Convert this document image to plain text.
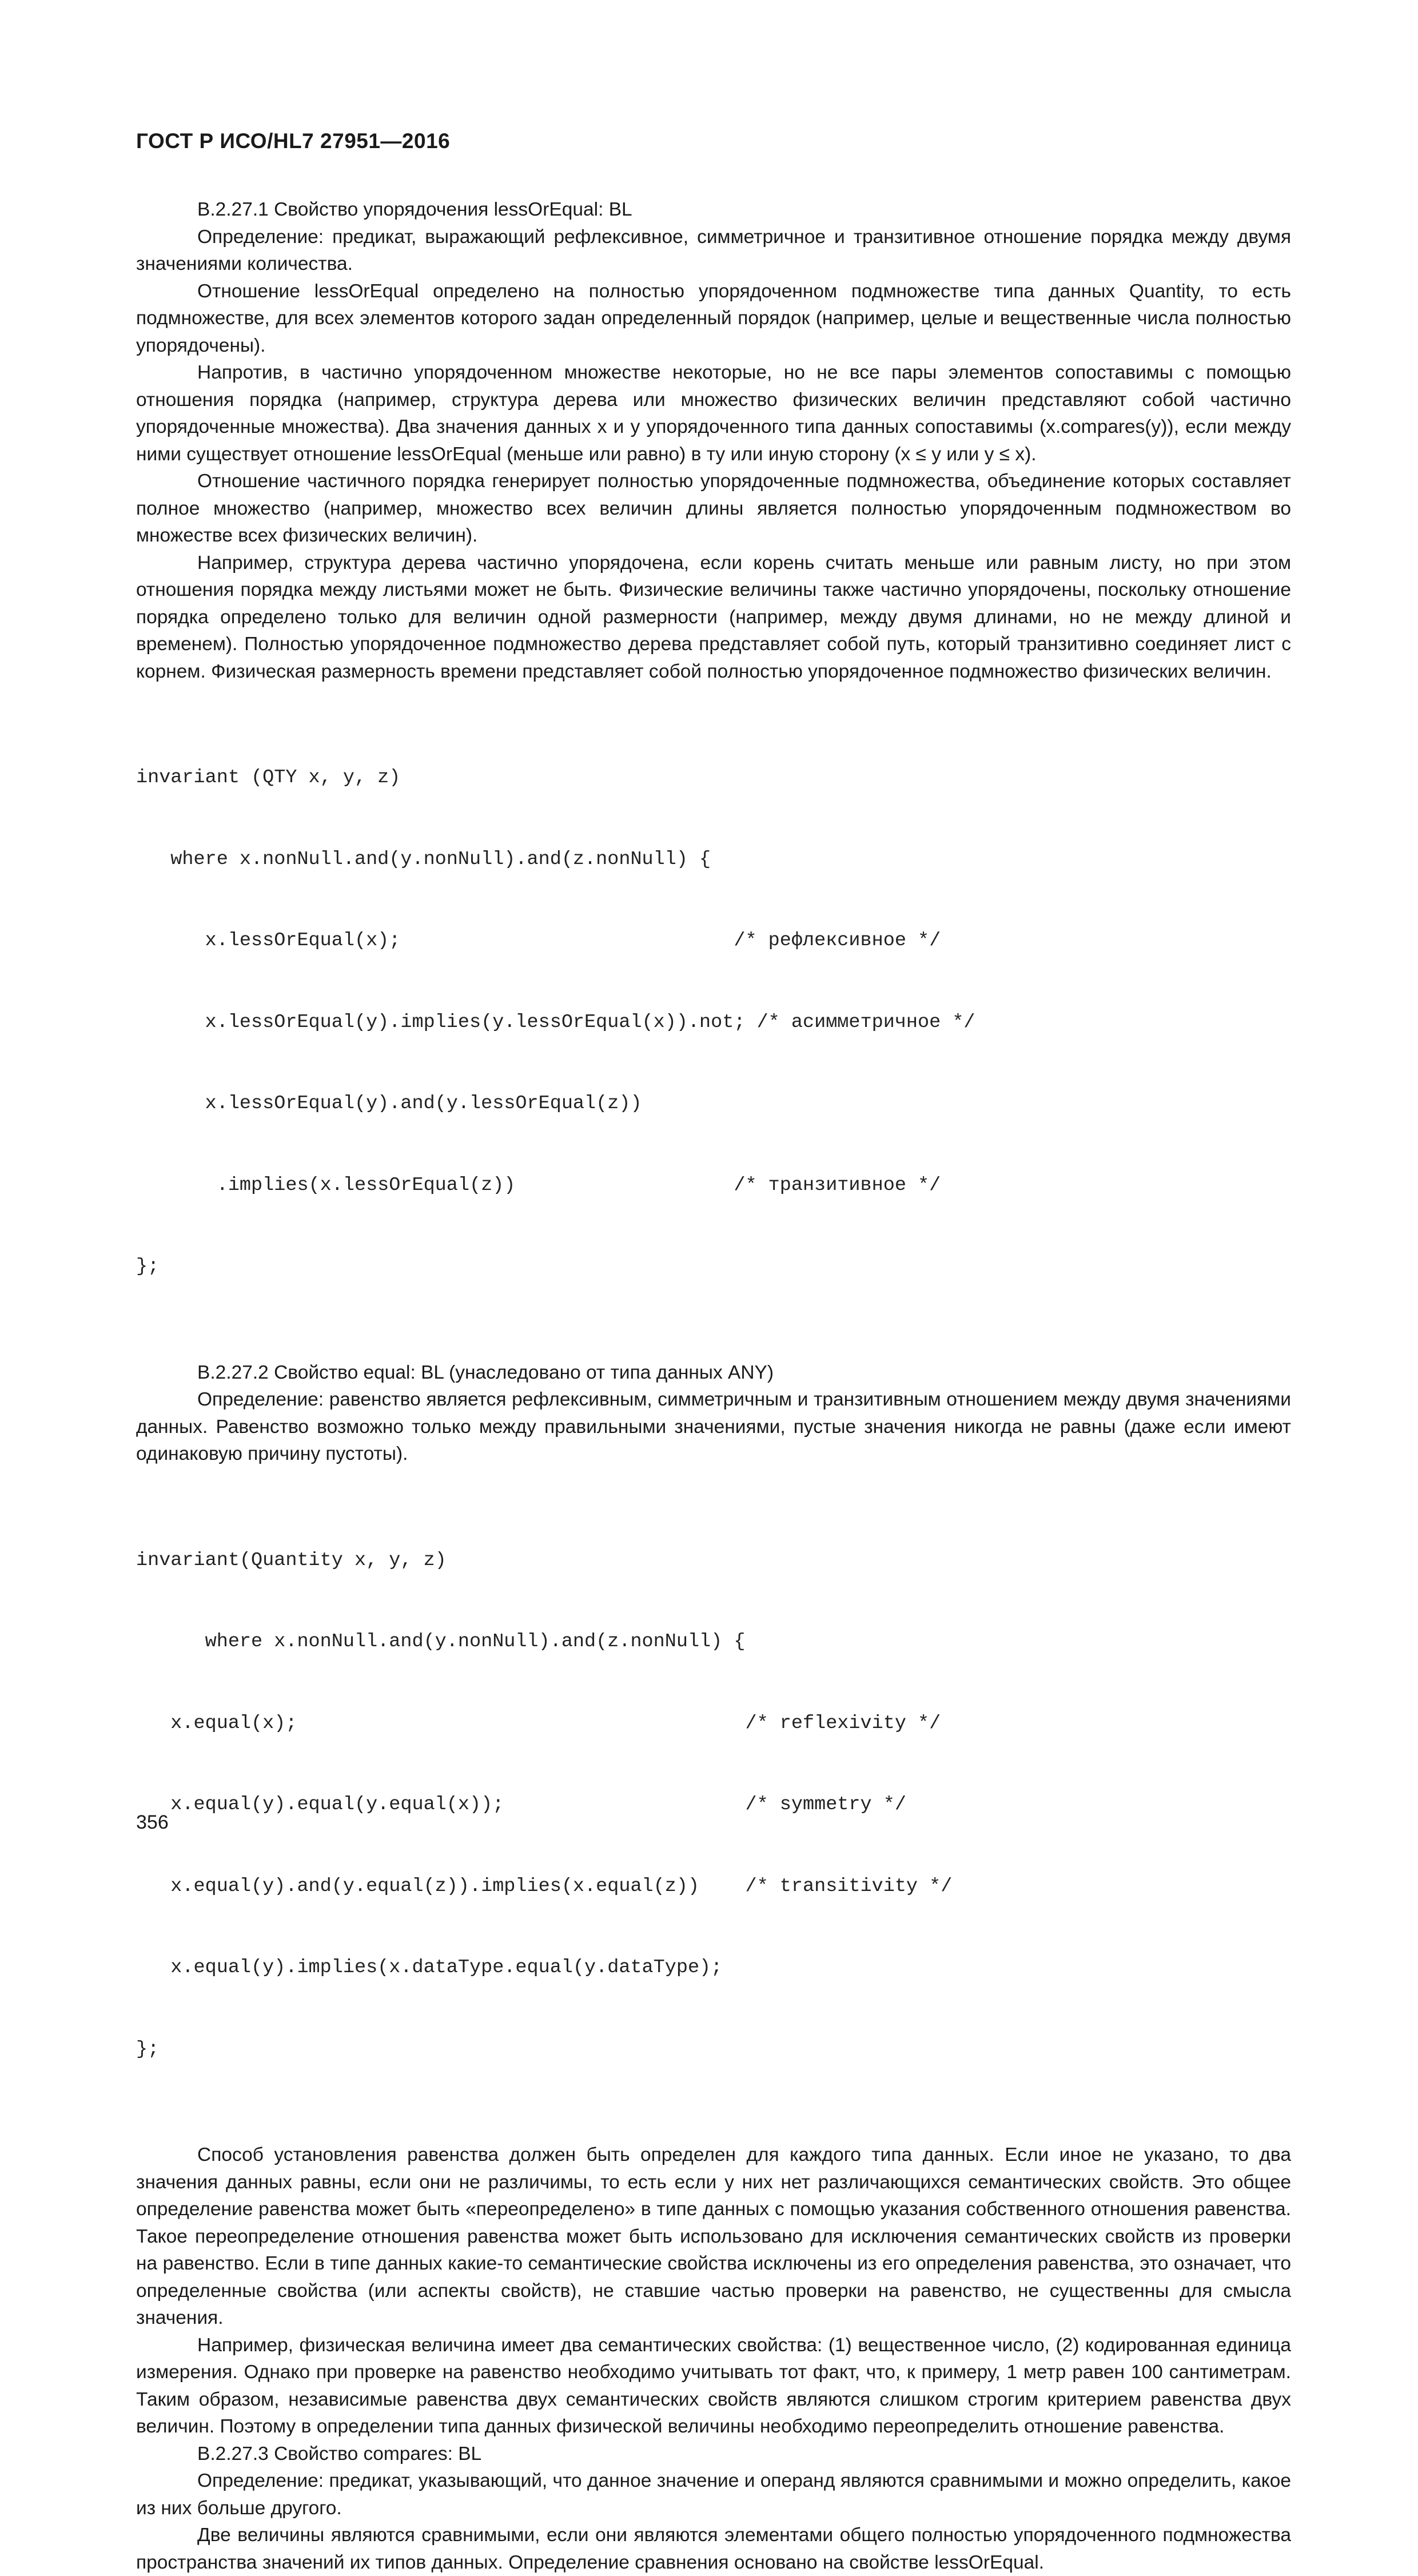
ГОСТ Р ИСО/HL7 27951—2016

B.2.27.1 Свойство упорядочения lessOrEqual: BL

Определение: предикат, выражающий рефлексивное, симметричное и транзитивное отношение порядка между двумя значениями количества.

Отношение lessOrEqual определено на полностью упорядоченном подмножестве типа данных Quantity, то есть подмножестве, для всех элементов которого задан определенный порядок (например, целые и вещественные числа полностью упорядочены).

Напротив, в частично упорядоченном множестве некоторые, но не все пары элементов сопоставимы с помощью отношения порядка (например, структура дерева или множество физических величин представляют собой частично упорядоченные множества). Два значения данных x и y упорядоченного типа данных сопоставимы (x.compares(y)), если между ними существует отношение lessOrEqual (меньше или равно) в ту или иную сторону (x ≤ y или y ≤ x).

Отношение частичного порядка генерирует полностью упорядоченные подмножества, объединение которых составляет полное множество (например, множество всех величин длины является полностью упорядоченным подмножеством во множестве всех физических величин).

Например, структура дерева частично упорядочена, если корень считать меньше или равным листу, но при этом отношения порядка между листьями может не быть. Физические величины также частично упорядочены, поскольку отношение порядка определено только для величин одной размерности (например, между двумя длинами, но не между длиной и временем). Полностью упорядоченное подмножество дерева представляет собой путь, который транзитивно соединяет лист с корнем. Физическая размерность времени представляет собой полностью упорядоченное подмножество физических величин.

invariant (QTY x, y, z)

where x.nonNull.and(y.nonNull).and(z.nonNull) {

x.lessOrEqual(x);                             /* рефлексивное */

x.lessOrEqual(y).implies(y.lessOrEqual(x)).not; /* асимметричное */

x.lessOrEqual(y).and(y.lessOrEqual(z))

.implies(x.lessOrEqual(z))                   /* транзитивное */

};

B.2.27.2 Свойство equal: BL (унаследовано от типа данных ANY)

Определение: равенство является рефлексивным, симметричным и транзитивным отношением между двумя значениями данных. Равенство возможно только между правильными значениями, пустые значения никогда не равны (даже если имеют одинаковую причину пустоты).

invariant(Quantity x, y, z)

where x.nonNull.and(y.nonNull).and(z.nonNull) {

x.equal(x);                                       /* reflexivity */

x.equal(y).equal(y.equal(x));                     /* symmetry */

x.equal(y).and(y.equal(z)).implies(x.equal(z))    /* transitivity */

x.equal(y).implies(x.dataType.equal(y.dataType);

};

Способ установления равенства должен быть определен для каждого типа данных. Если иное не указано, то два значения данных равны, если они не различимы, то есть если у них нет различающихся семантических свойств. Это общее определение равенства может быть «переопределено» в типе данных с помощью указания собственного отношения равенства. Такое переопределение отношения равенства может быть использовано для исключения семантических свойств из проверки на равенство. Если в типе данных какие-то семантические свойства исключены из его определения равенства, это означает, что определенные свойства (или аспекты свойств), не ставшие частью проверки на равенство, не существенны для смысла значения.

Например, физическая величина имеет два семантических свойства: (1) вещественное число, (2) кодированная единица измерения. Однако при проверке на равенство необходимо учитывать тот факт, что, к примеру, 1 метр равен 100 сантиметрам. Таким образом, независимые равенства двух семантических свойств являются слишком строгим критерием равенства двух величин. Поэтому в определении типа данных физической величины необходимо переопределить отношение равенства.

B.2.27.3 Свойство compares: BL

Определение: предикат, указывающий, что данное значение и операнд являются сравнимыми и можно определить, какое из них больше другого.

Две величины являются сравнимыми, если они являются элементами общего полностью упорядоченного подмножества пространства значений их типов данных. Определение сравнения основано на свойстве lessOrEqual.

356
